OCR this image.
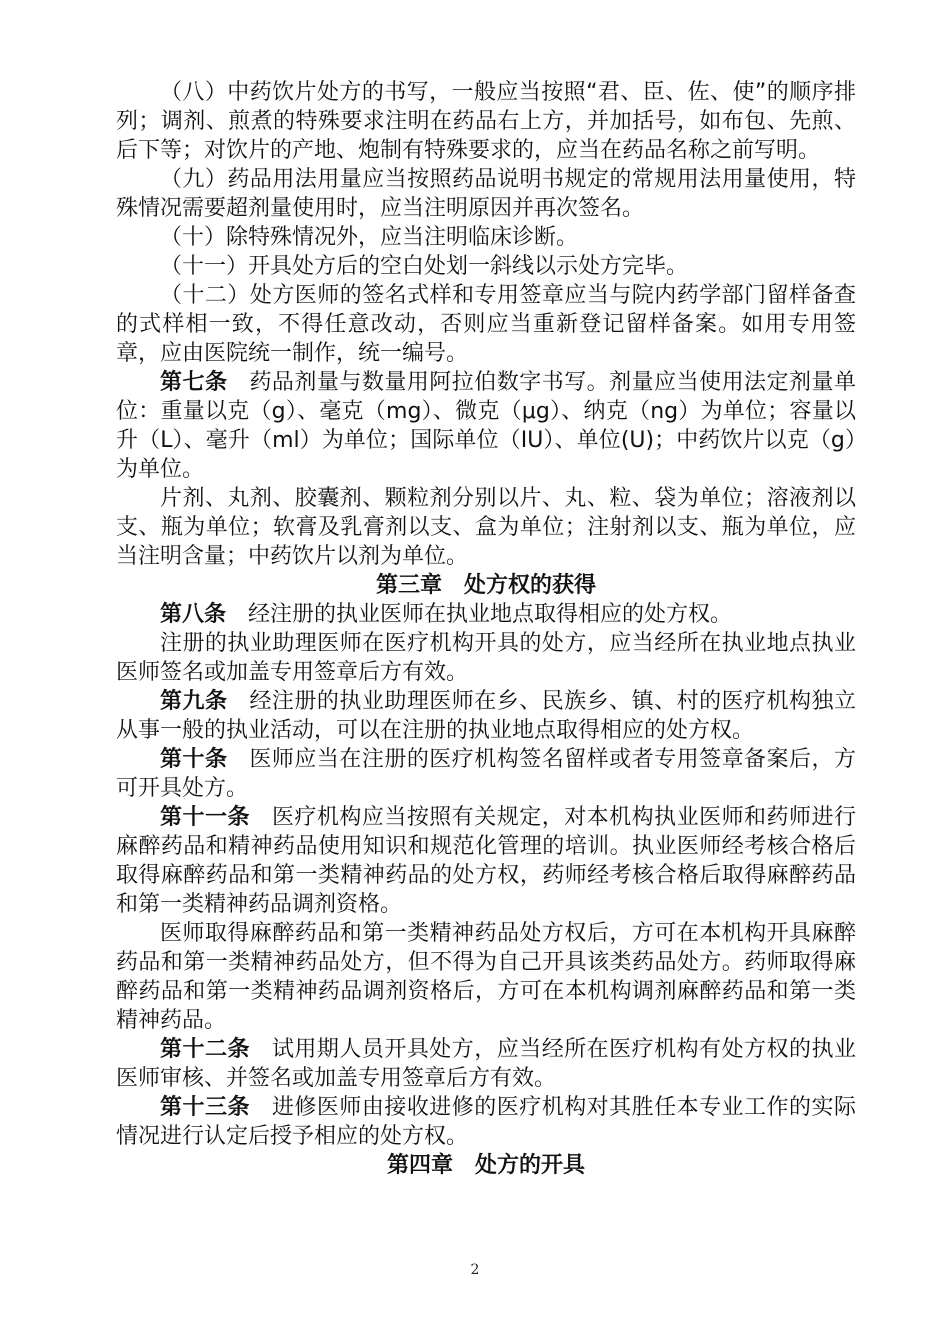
（八）中药饮片处方的书写，一般应当按照“君、臣、佐、使”的顺序排列；调剂、煎煮的特殊要求注明在药品右上方，并加括号，如布包、先煎、后下等；对饮片的产地、炮制有特殊要求的，应当在药品名称之前写明。

（九）药品用法用量应当按照药品说明书规定的常规用法用量使用，特殊情况需要超剂量使用时，应当注明原因并再次签名。

（十）除特殊情况外，应当注明临床诊断。

（十一）开具处方后的空白处划一斜线以示处方完毕。

（十二）处方医师的签名式样和专用签章应当与院内药学部门留样备查的式样相一致，不得任意改动，否则应当重新登记留样备案。如用专用签章，应由医院统一制作，统一编号。

第七条 药品剂量与数量用阿拉伯数字书写。剂量应当使用法定剂量单位：重量以克（g）、毫克（mg）、微克（μg）、纳克（ng）为单位；容量以升（L）、毫升（ml）为单位；国际单位（IU）、单位(U)；中药饮片以克（g）为单位。

片剂、丸剂、胶囊剂、颗粒剂分别以片、丸、粒、袋为单位；溶液剂以支、瓶为单位；软膏及乳膏剂以支、盒为单位；注射剂以支、瓶为单位，应当注明含量；中药饮片以剂为单位。

第三章 处方权的获得

第八条 经注册的执业医师在执业地点取得相应的处方权。

注册的执业助理医师在医疗机构开具的处方，应当经所在执业地点执业医师签名或加盖专用签章后方有效。

第九条 经注册的执业助理医师在乡、民族乡、镇、村的医疗机构独立从事一般的执业活动，可以在注册的执业地点取得相应的处方权。

第十条 医师应当在注册的医疗机构签名留样或者专用签章备案后，方可开具处方。

第十一条 医疗机构应当按照有关规定，对本机构执业医师和药师进行麻醉药品和精神药品使用知识和规范化管理的培训。执业医师经考核合格后取得麻醉药品和第一类精神药品的处方权，药师经考核合格后取得麻醉药品和第一类精神药品调剂资格。

医师取得麻醉药品和第一类精神药品处方权后，方可在本机构开具麻醉药品和第一类精神药品处方，但不得为自己开具该类药品处方。药师取得麻醉药品和第一类精神药品调剂资格后，方可在本机构调剂麻醉药品和第一类精神药品。

第十二条 试用期人员开具处方，应当经所在医疗机构有处方权的执业医师审核、并签名或加盖专用签章后方有效。

第十三条 进修医师由接收进修的医疗机构对其胜任本专业工作的实际情况进行认定后授予相应的处方权。

第四章 处方的开具

2
